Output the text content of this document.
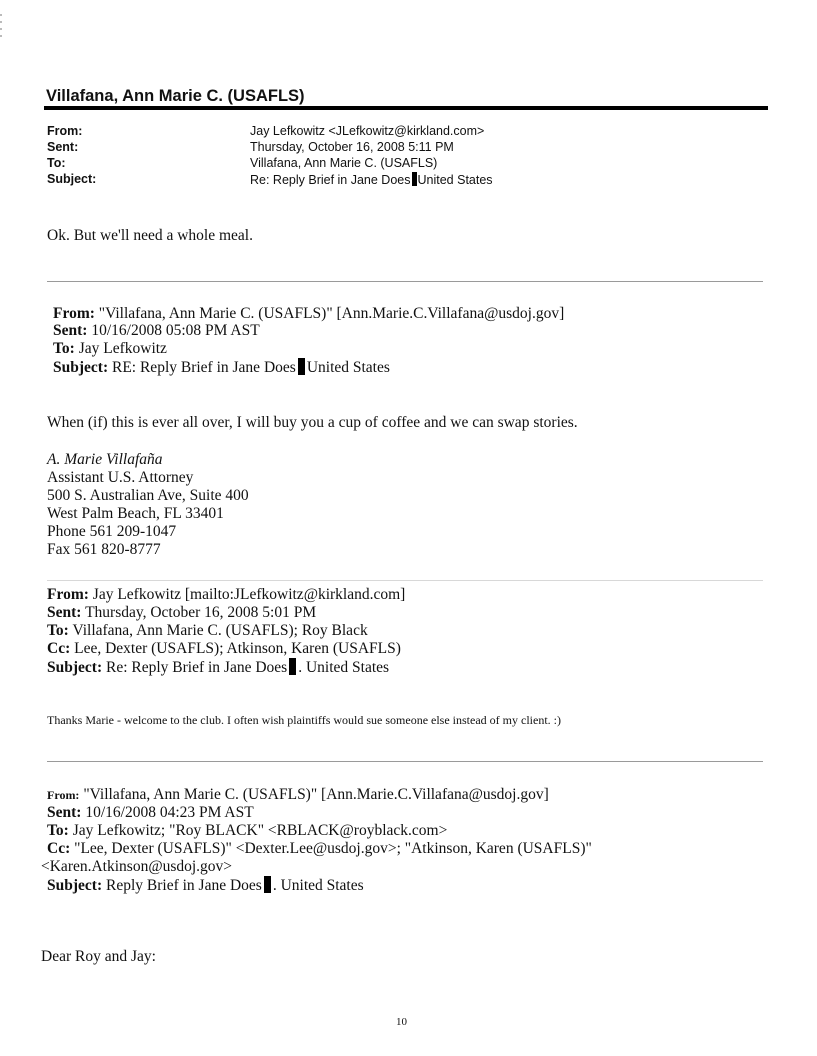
Villafana, Ann Marie C. (USAFLS)
From:	Jay Lefkowitz <JLefkowitz@kirkland.com>
Sent:	Thursday, October 16, 2008 5:11 PM
To:	Villafana, Ann Marie C. (USAFLS)
Subject:	Re: Reply Brief in Jane Does United States
Ok. But we'll need a whole meal.
From: "Villafana, Ann Marie C. (USAFLS)" [Ann.Marie.C.Villafana@usdoj.gov]
Sent: 10/16/2008 05:08 PM AST
To: Jay Lefkowitz
Subject: RE: Reply Brief in Jane Does United States
When (if) this is ever all over, I will buy you a cup of coffee and we can swap stories.
A. Marie Villafaña
Assistant U.S. Attorney
500 S. Australian Ave, Suite 400
West Palm Beach, FL 33401
Phone 561 209-1047
Fax 561 820-8777
From: Jay Lefkowitz [mailto:JLefkowitz@kirkland.com]
Sent: Thursday, October 16, 2008 5:01 PM
To: Villafana, Ann Marie C. (USAFLS); Roy Black
Cc: Lee, Dexter (USAFLS); Atkinson, Karen (USAFLS)
Subject: Re: Reply Brief in Jane Does . United States
Thanks Marie - welcome to the club. I often wish plaintiffs would sue someone else instead of my client. :)
From: "Villafana, Ann Marie C. (USAFLS)" [Ann.Marie.C.Villafana@usdoj.gov]
Sent: 10/16/2008 04:23 PM AST
To: Jay Lefkowitz; "Roy BLACK" <RBLACK@royblack.com>
Cc: "Lee, Dexter (USAFLS)" <Dexter.Lee@usdoj.gov>; "Atkinson, Karen (USAFLS)"
<Karen.Atkinson@usdoj.gov>
Subject: Reply Brief in Jane Does . United States
Dear Roy and Jay:
10
